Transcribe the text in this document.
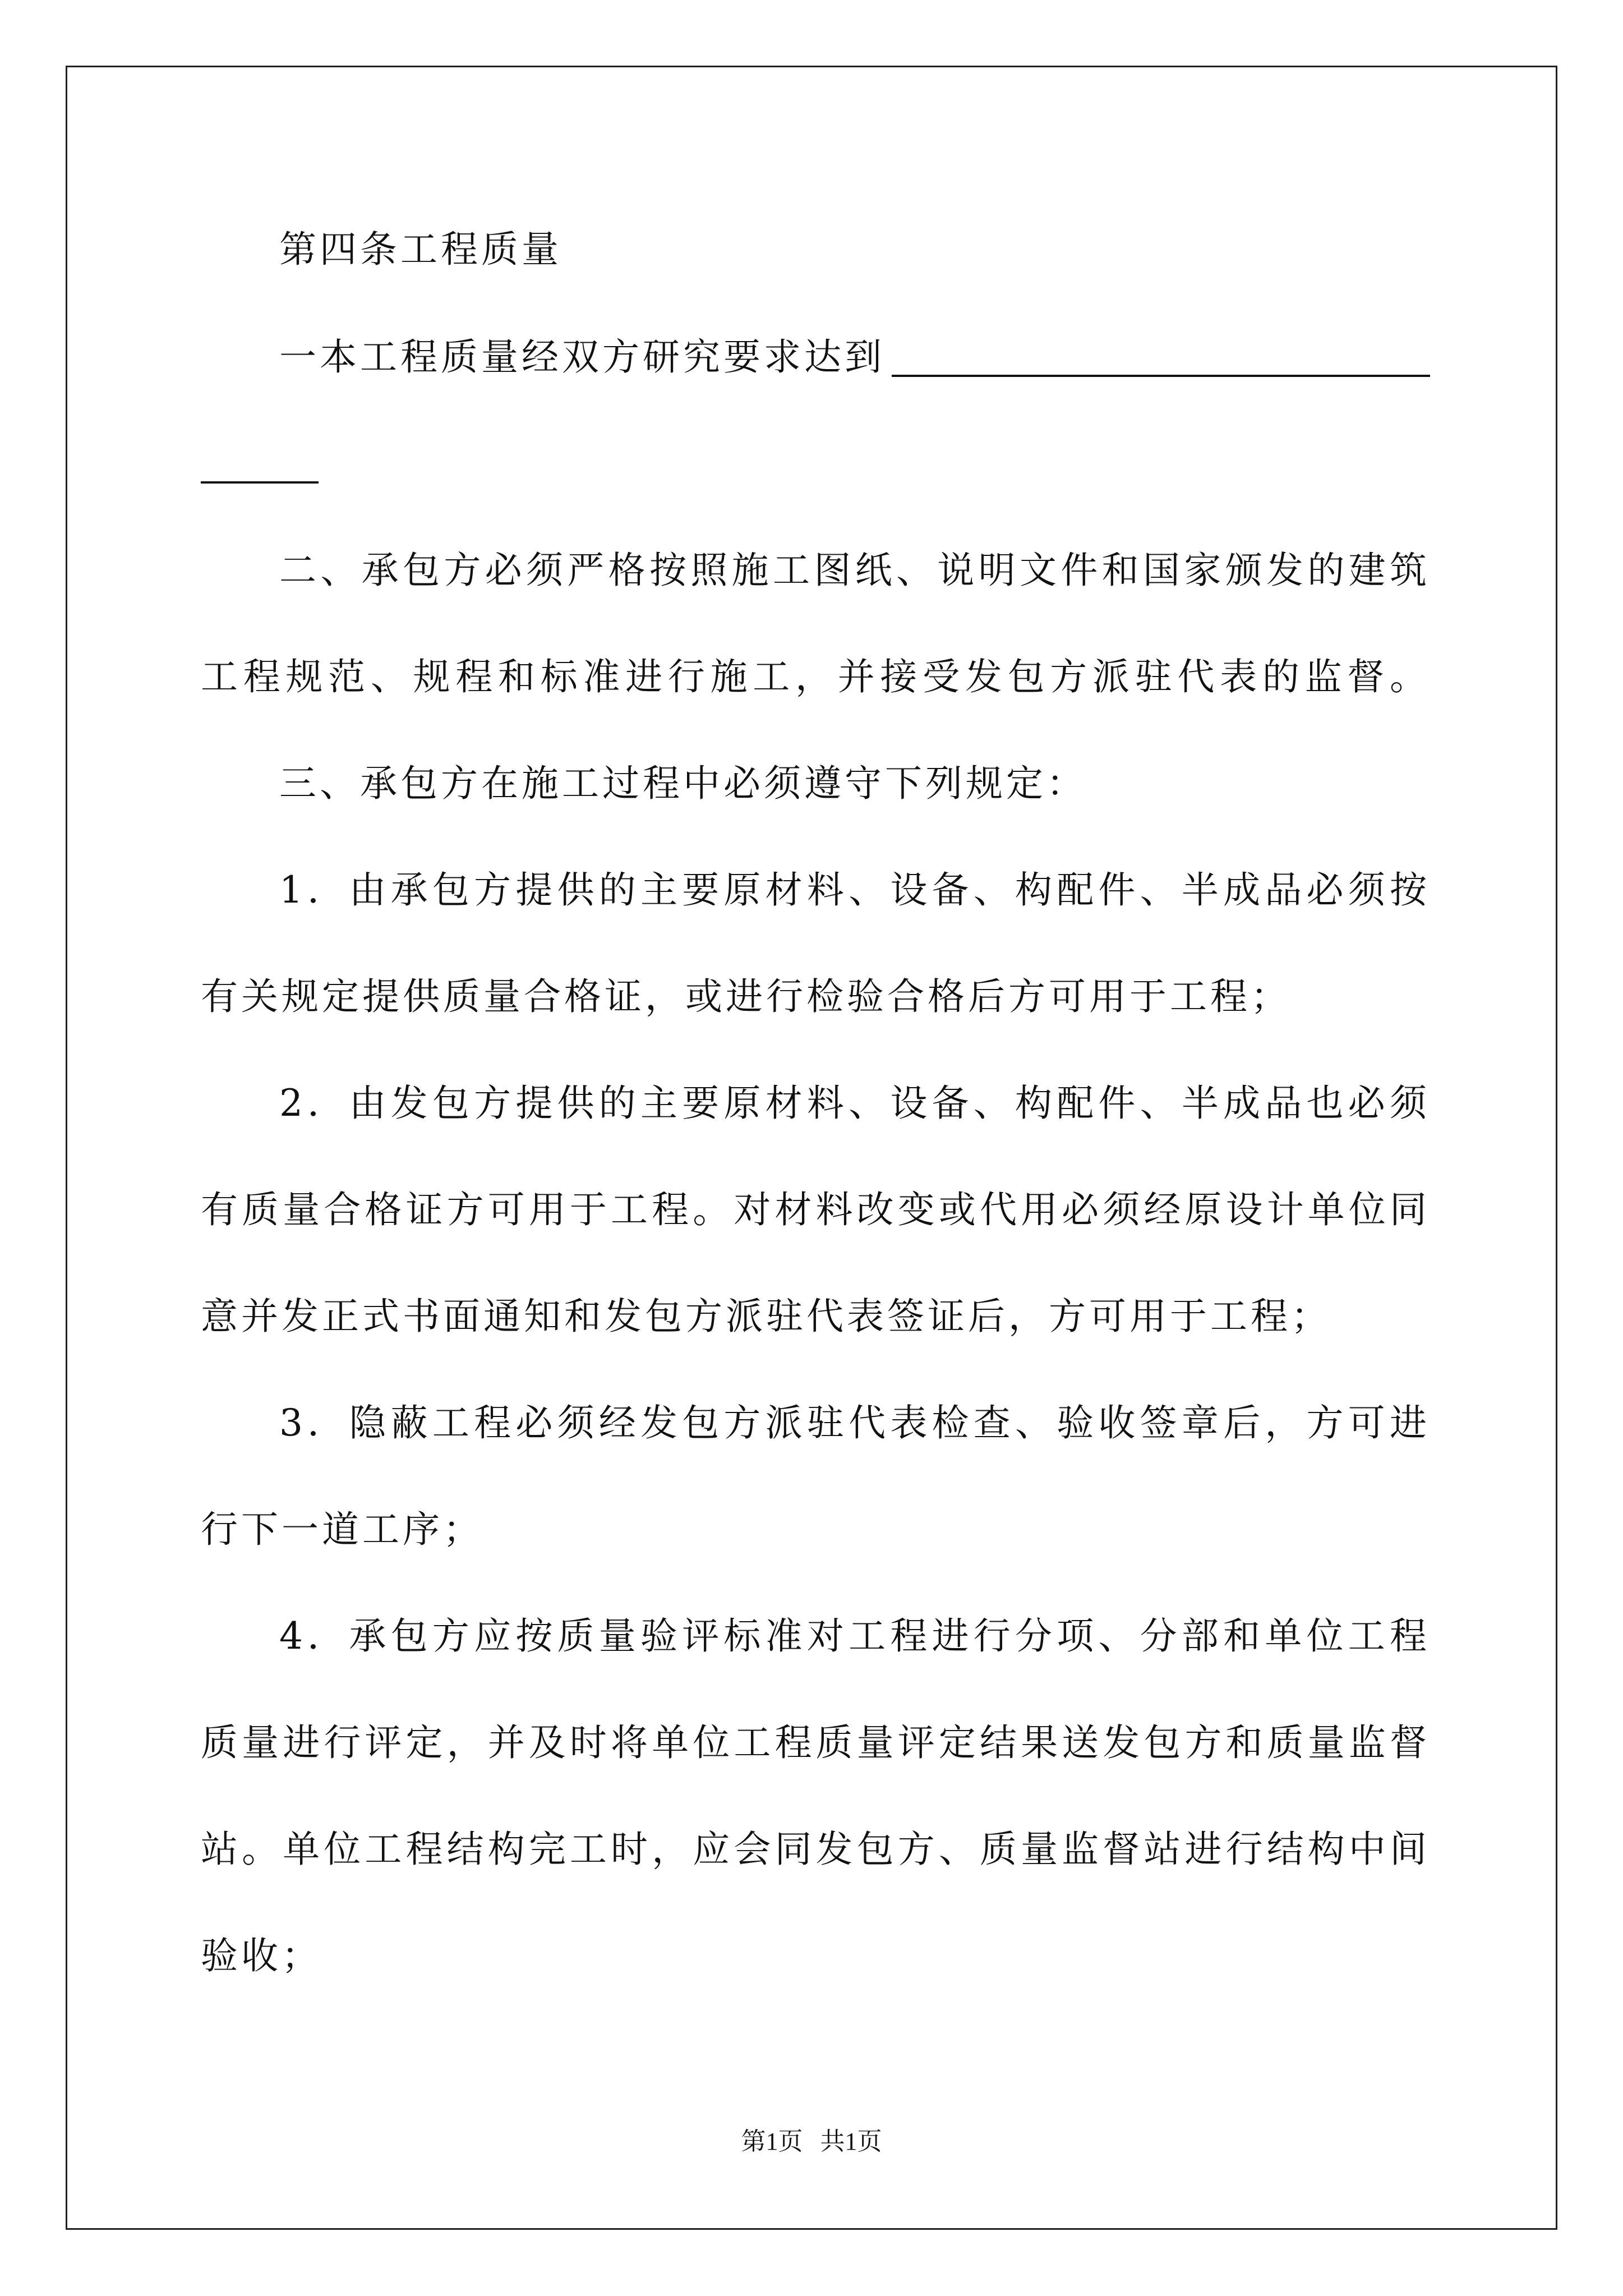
第四条工程质量
一本工程质量经双方研究要求达到
二、承包方必须严格按照施工图纸、说明文件和国家颁发的建筑
工程规范、规程和标准进行施工，并接受发包方派驻代表的监督。
三、承包方在施工过程中必须遵守下列规定：
1．由承包方提供的主要原材料、设备、构配件、半成品必须按
有关规定提供质量合格证，或进行检验合格后方可用于工程；
2．由发包方提供的主要原材料、设备、构配件、半成品也必须
有质量合格证方可用于工程。对材料改变或代用必须经原设计单位同
意并发正式书面通知和发包方派驻代表签证后，方可用于工程；
3．隐蔽工程必须经发包方派驻代表检查、验收签章后，方可进
行下一道工序；
4．承包方应按质量验评标准对工程进行分项、分部和单位工程
质量进行评定，并及时将单位工程质量评定结果送发包方和质量监督
站。单位工程结构完工时，应会同发包方、质量监督站进行结构中间
验收；
第1页 共1页
